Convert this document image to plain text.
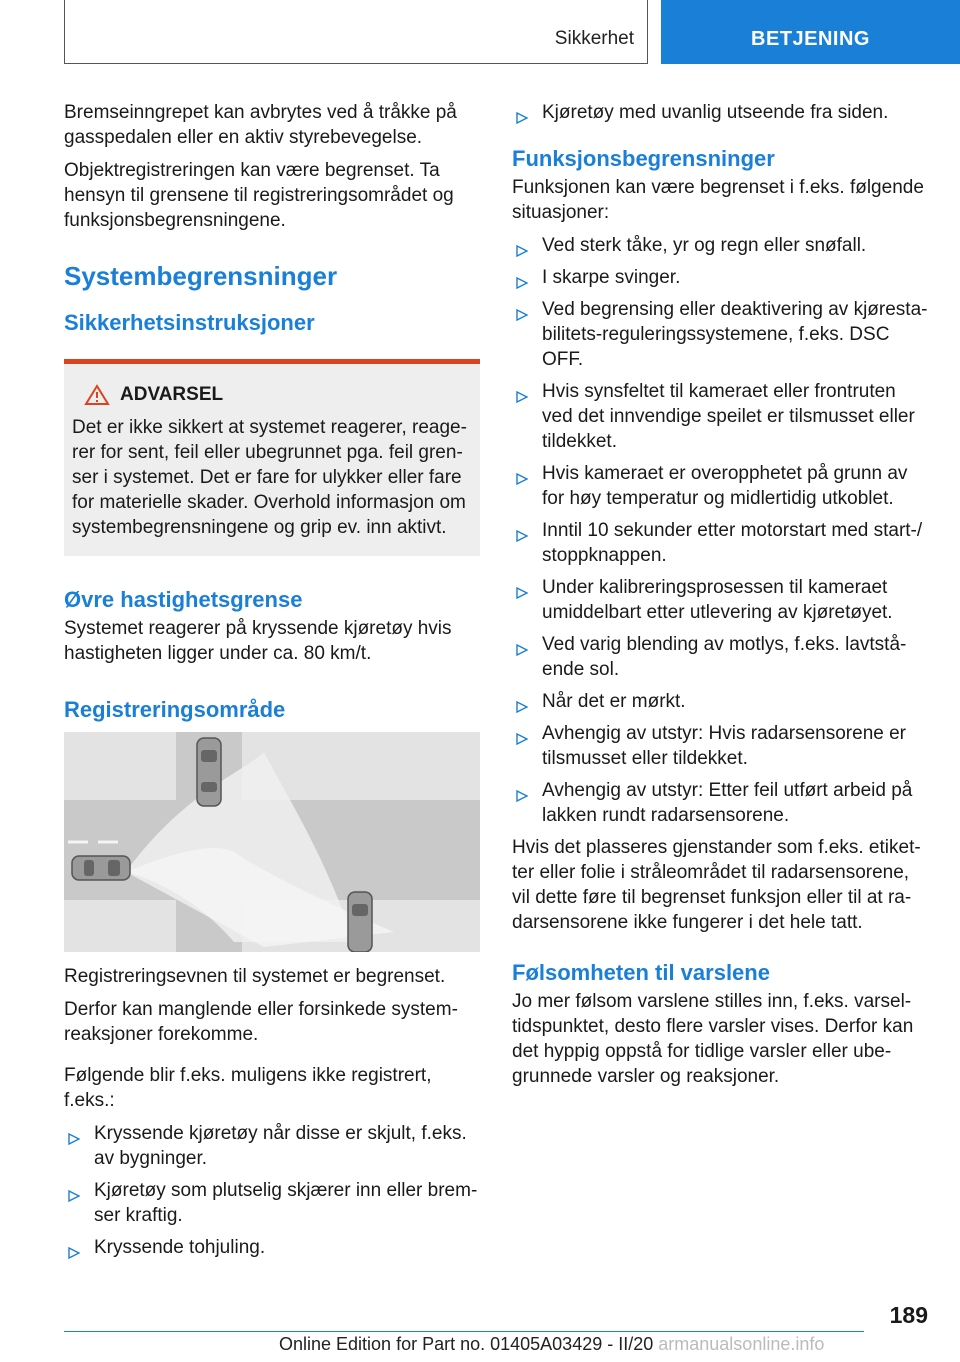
Sikkerhet	BETJENING

Bremseinngrepet kan avbrytes ved å tråkke på gasspedalen eller en aktiv styrebevegelse.

Objektregistreringen kan være begrenset. Ta hensyn til grensene til registreringsområdet og funksjonsbegrensningene.

Systembegrensninger
Sikkerhetsinstruksjoner
ADVARSEL
Det er ikke sikkert at systemet reagerer, reagerer for sent, feil eller ubegrunnet pga. feil grenser i systemet. Det er fare for ulykker eller fare for materielle skader. Overhold informasjon om systembegrensningene og grip ev. inn aktivt.
Øvre hastighetsgrense

Systemet reagerer på kryssende kjøretøy hvis hastigheten ligger under ca. 80 km/t.

Registreringsområde

Registreringsevnen til systemet er begrenset.

Derfor kan manglende eller forsinkede systemreaksjoner forekomme.

Følgende blir f.eks. muligens ikke registrert, f.eks.:

Kryssende kjøretøy når disse er skjult, f.eks. av bygninger.
Kjøretøy som plutselig skjærer inn eller bremser kraftig.
Kryssende tohjuling.
Kjøretøy med uvanlig utseende fra siden.
Funksjonsbegrensninger

Funksjonen kan være begrenset i f.eks. følgende situasjoner:

Ved sterk tåke, yr og regn eller snøfall.
I skarpe svinger.
Ved begrensing eller deaktivering av kjørestabilitets-reguleringssystemene, f.eks. DSC OFF.
Hvis synsfeltet til kameraet eller frontruten ved det innvendige speilet er tilsmusset eller tildekket.
Hvis kameraet er overopphetet på grunn av for høy temperatur og midlertidig utkoblet.
Inntil 10 sekunder etter motorstart med start-/ stoppknappen.
Under kalibreringsprosessen til kameraet umiddelbart etter utlevering av kjøretøyet.
Ved varig blending av motlys, f.eks. lavtstående sol.
Når det er mørkt.
Avhengig av utstyr: Hvis radarsensorene er tilsmusset eller tildekket.
Avhengig av utstyr: Etter feil utført arbeid på lakken rundt radarsensorene.

Hvis det plasseres gjenstander som f.eks. etiketter eller folie i stråleområdet til radarsensorene, vil dette føre til begrenset funksjon eller til at radarsensorene ikke fungerer i det hele tatt.

Følsomheten til varslene

Jo mer følsom varslene stilles inn, f.eks. varseltidspunktet, desto flere varsler vises. Derfor kan det hyppig oppstå for tidlige varsler eller ubegrunnede varsler og reaksjoner.

189
Online Edition for Part no. 01405A03429 - II/20 armanualsonline.info
